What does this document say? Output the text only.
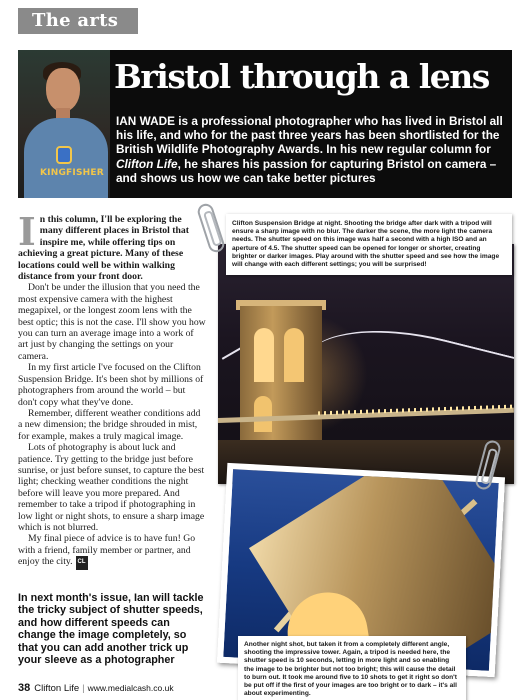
The arts
KINGFISHER
Bristol through a lens

IAN WADE is a professional photographer who has lived in Bristol all his life, and who for the past three years has been shortlisted for the British Wildlife Photography Awards. In his new regular column for Clifton Life, he shares his passion for capturing Bristol on camera – and shows us how we can take better pictures

In this column, I'll be exploring the many different places in Bristol that inspire me, while offering tips on achieving a great picture. Many of these locations could well be within walking distance from your front door.

Don't be under the illusion that you need the most expensive camera with the highest megapixel, or the longest zoom lens with the best optic; this is not the case. I'll show you how you can turn an average image into a work of art just by changing the settings on your camera.

In my first article I've focused on the Clifton Suspension Bridge. It's been shot by millions of photographers from around the world – but don't copy what they've done.

Remember, different weather conditions add a new dimension; the bridge shrouded in mist, for example, makes a truly magical image.

Lots of photography is about luck and patience. Try getting to the bridge just before sunrise, or just before sunset, to capture the best light; checking weather conditions the night before will leave you more prepared. And remember to take a tripod if photographing in low light or night shots, to ensure a sharp image which is not blurred.

My final piece of advice is to have fun! Go with a friend, family member or partner, and enjoy the city. CL

In next month's issue, Ian will tackle the tricky subject of shutter speeds, and how different speeds can change the image completely, so that you can add another trick up your sleeve as a photographer

Clifton Suspension Bridge at night. Shooting the bridge after dark with a tripod will ensure a sharp image with no blur. The darker the scene, the more light the camera needs. The shutter speed on this image was half a second with a high ISO and an aperture of 4.5. The shutter speed can be opened for longer or shorter, creating brighter or darker images. Play around with the shutter speed and see how the image will change with each different settings; you will be surprised!
Another night shot, but taken it from a completely different angle, shooting the impressive tower. Again, a tripod is needed here, the shutter speed is 10 seconds, letting in more light and so enabling the image to be brighter but not too bright; this will cause the detail to burn out. It took me around five to 10 shots to get it right so don't be put off if the first of your images are too bright or to dark – it's all about experimenting.
38 Clifton Life | www.medialcash.co.uk
